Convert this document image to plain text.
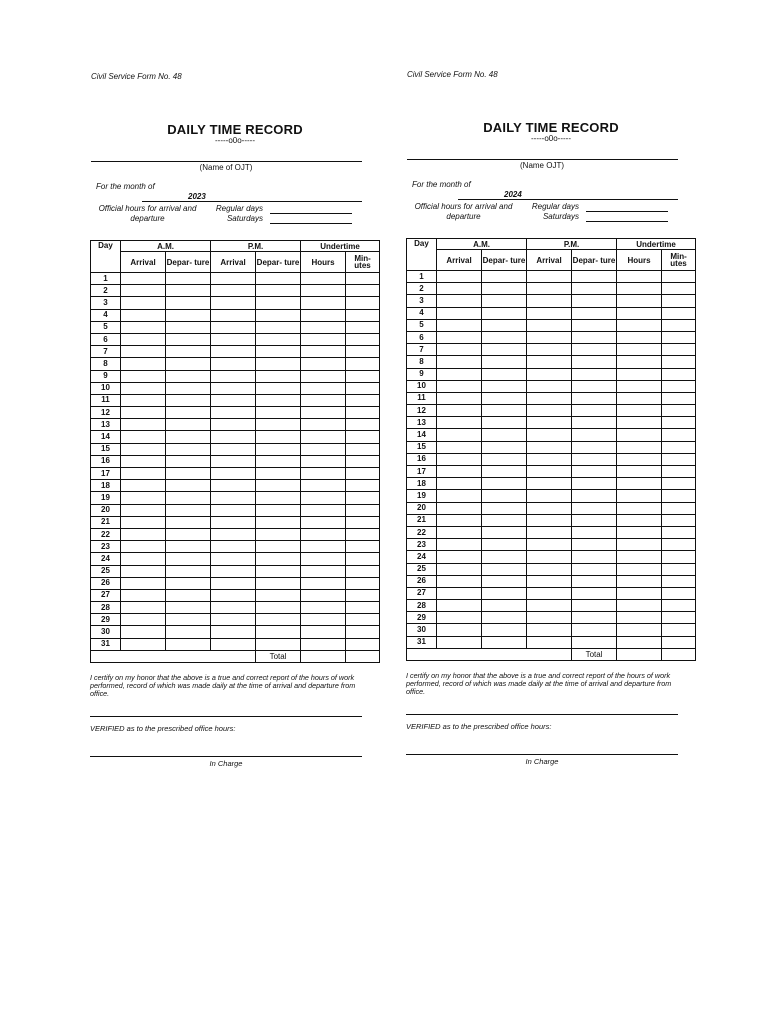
Civil Service Form No. 48
DAILY TIME RECORD
-----o0o-----
(Name of OJT)
For the month of
2023
Official hours for arrival and departure
Regular days
Saturdays
Day	A.M.		P.M.		Undertime	
	Arrival	Depar- ture	Arrival	Depar- ture	Hours	Min- utes
1						
2						
3						
4						
5						
6						
7						
8						
9						
10						
11						
12						
13						
14						
15						
16						
17						
18						
19						
20						
21						
22						
23						
24						
25						
26						
27						
28						
29						
30						
31						
				Total		
I certify on my honor that the above is a true and correct report of the hours of work performed, record of which was made daily at the time of arrival and departure from office.
VERIFIED as to the prescribed office hours:
In Charge
Civil Service Form No. 48
DAILY TIME RECORD
-----o0o-----
(Name OJT)
For the month of
2024
Official hours for arrival and departure
Regular days
Saturdays
Day	A.M.		P.M.		Undertime	
	Arrival	Depar- ture	Arrival	Depar- ture	Hours	Min- utes
1						
2						
3						
4						
5						
6						
7						
8						
9						
10						
11						
12						
13						
14						
15						
16						
17						
18						
19						
20						
21						
22						
23						
24						
25						
26						
27						
28						
29						
30						
31						
				Total		
I certify on my honor that the above is a true and correct report of the hours of work performed, record of which was made daily at the time of arrival and departure from office.
VERIFIED as to the prescribed office hours:
In Charge
